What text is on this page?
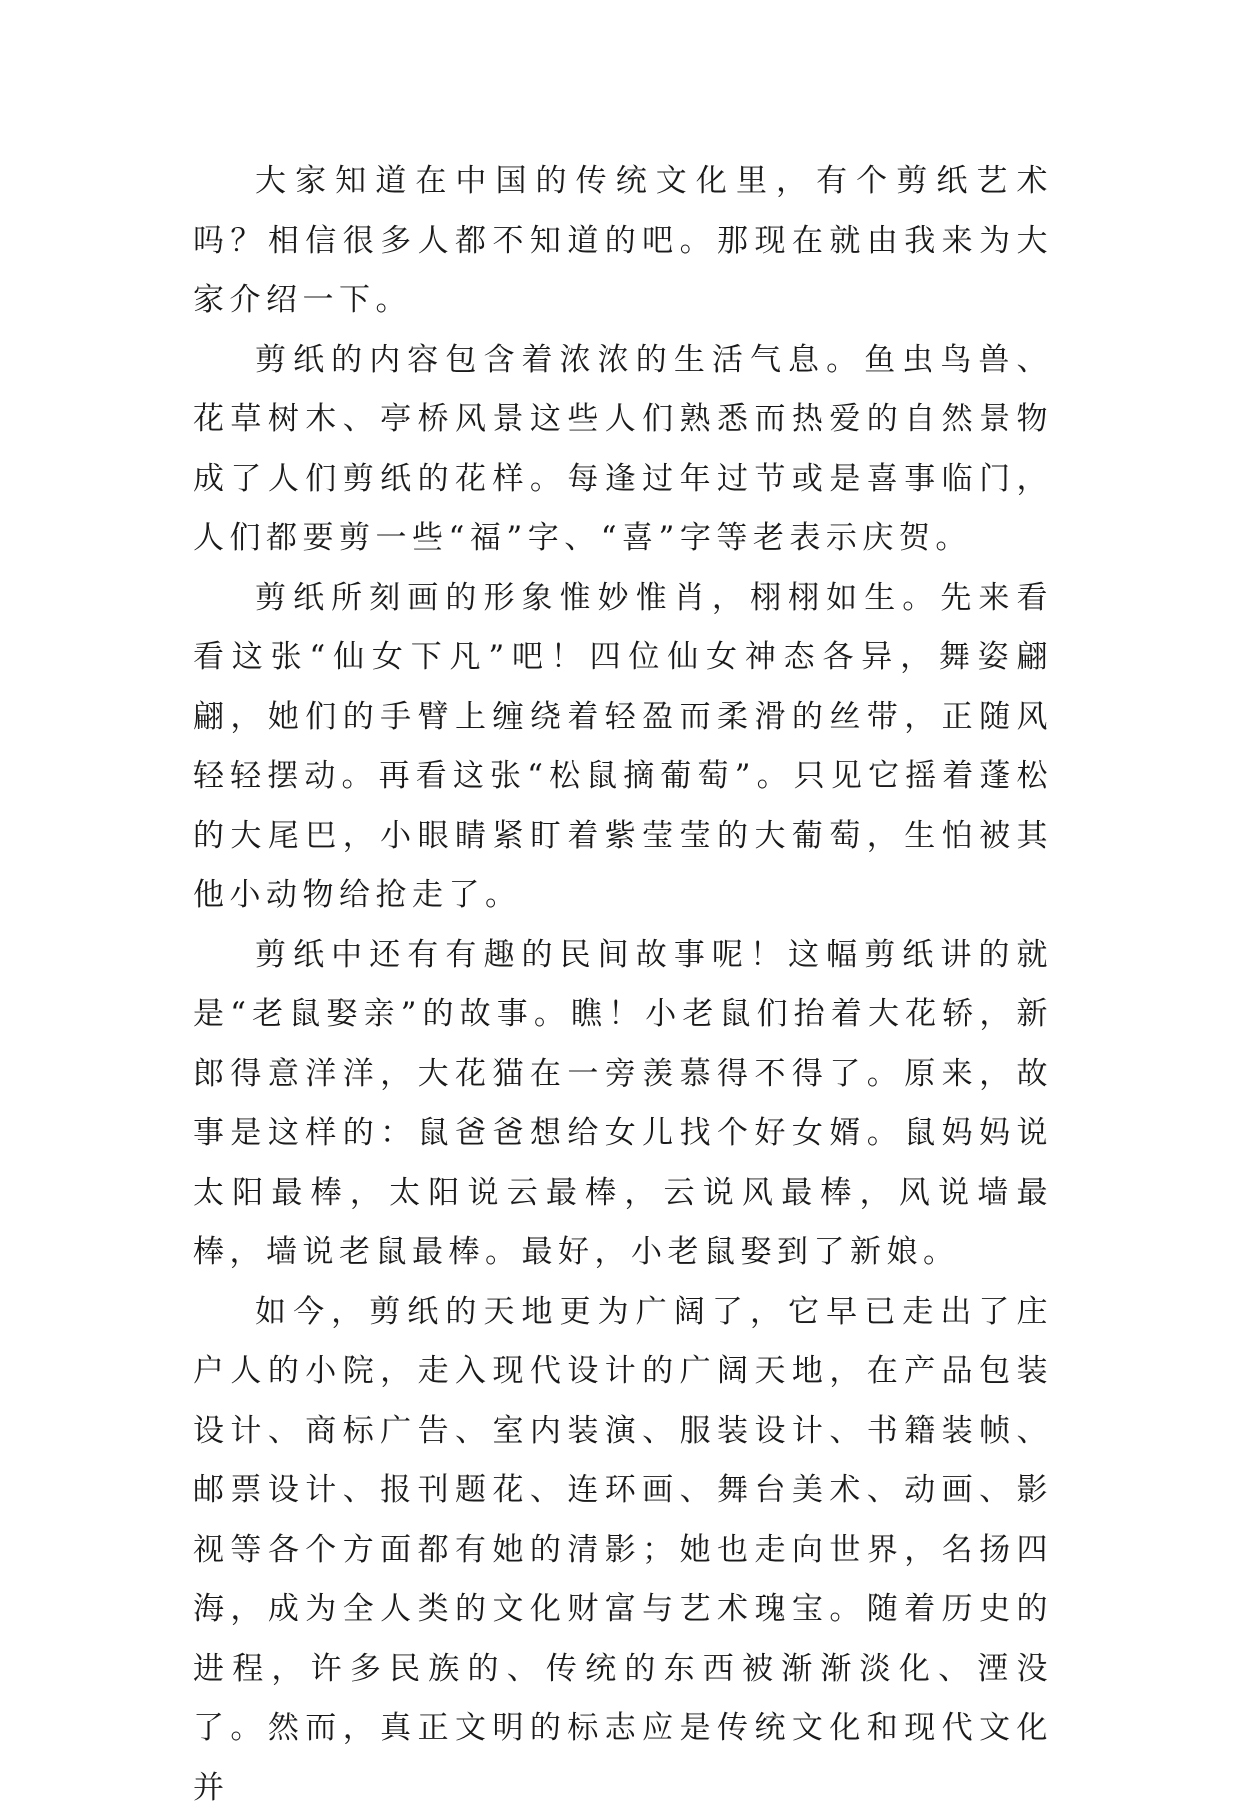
大家知道在中国的传统文化里，有个剪纸艺术吗？相信很多人都不知道的吧。那现在就由我来为大家介绍一下。

剪纸的内容包含着浓浓的生活气息。鱼虫鸟兽、花草树木、亭桥风景这些人们熟悉而热爱的自然景物成了人们剪纸的花样。每逢过年过节或是喜事临门，人们都要剪一些“福”字、“喜”字等老表示庆贺。

剪纸所刻画的形象惟妙惟肖，栩栩如生。先来看看这张“仙女下凡”吧！四位仙女神态各异，舞姿翩翩，她们的手臂上缠绕着轻盈而柔滑的丝带，正随风轻轻摆动。再看这张“松鼠摘葡萄”。只见它摇着蓬松的大尾巴，小眼睛紧盯着紫莹莹的大葡萄，生怕被其他小动物给抢走了。

剪纸中还有有趣的民间故事呢！这幅剪纸讲的就是“老鼠娶亲”的故事。瞧！小老鼠们抬着大花轿，新郎得意洋洋，大花猫在一旁羡慕得不得了。原来，故事是这样的：鼠爸爸想给女儿找个好女婿。鼠妈妈说太阳最棒，太阳说云最棒，云说风最棒，风说墙最棒，墙说老鼠最棒。最好，小老鼠娶到了新娘。

如今，剪纸的天地更为广阔了，它早已走出了庄户人的小院，走入现代设计的广阔天地，在产品包装设计、商标广告、室内装演、服装设计、书籍装帧、邮票设计、报刊题花、连环画、舞台美术、动画、影视等各个方面都有她的清影；她也走向世界，名扬四海，成为全人类的文化财富与艺术瑰宝。随着历史的进程，许多民族的、传统的东西被渐渐淡化、湮没了。然而，真正文明的标志应是传统文化和现代文化并
